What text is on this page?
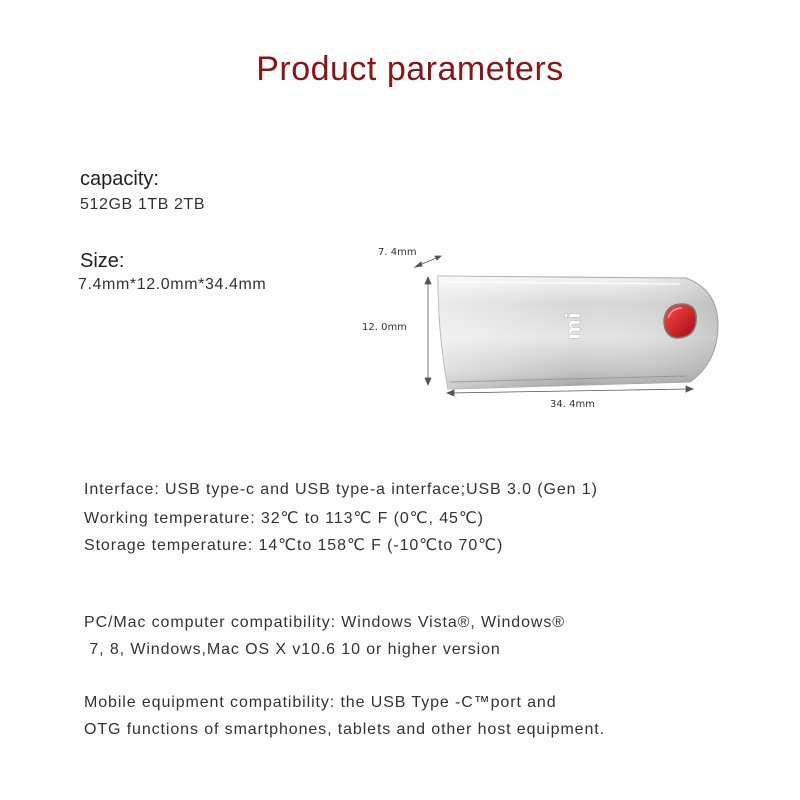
Product parameters
capacity:
512GB 1TB 2TB
Size:
7.4mm*12.0mm*34.4mm
mi
7. 4mm
12. 0mm
34. 4mm
Interface: USB type-c and USB type-a interface;USB 3.0 (Gen 1)
Working temperature: 32℃ to 113℃ F (0℃, 45℃)
Storage temperature: 14℃to 158℃ F (-10℃to 70℃)
PC/Mac computer compatibility: Windows Vista®, Windows®
7, 8, Windows,Mac OS X v10.6 10 or higher version
Mobile equipment compatibility: the USB Type -C™port and
OTG functions of smartphones, tablets and other host equipment.
